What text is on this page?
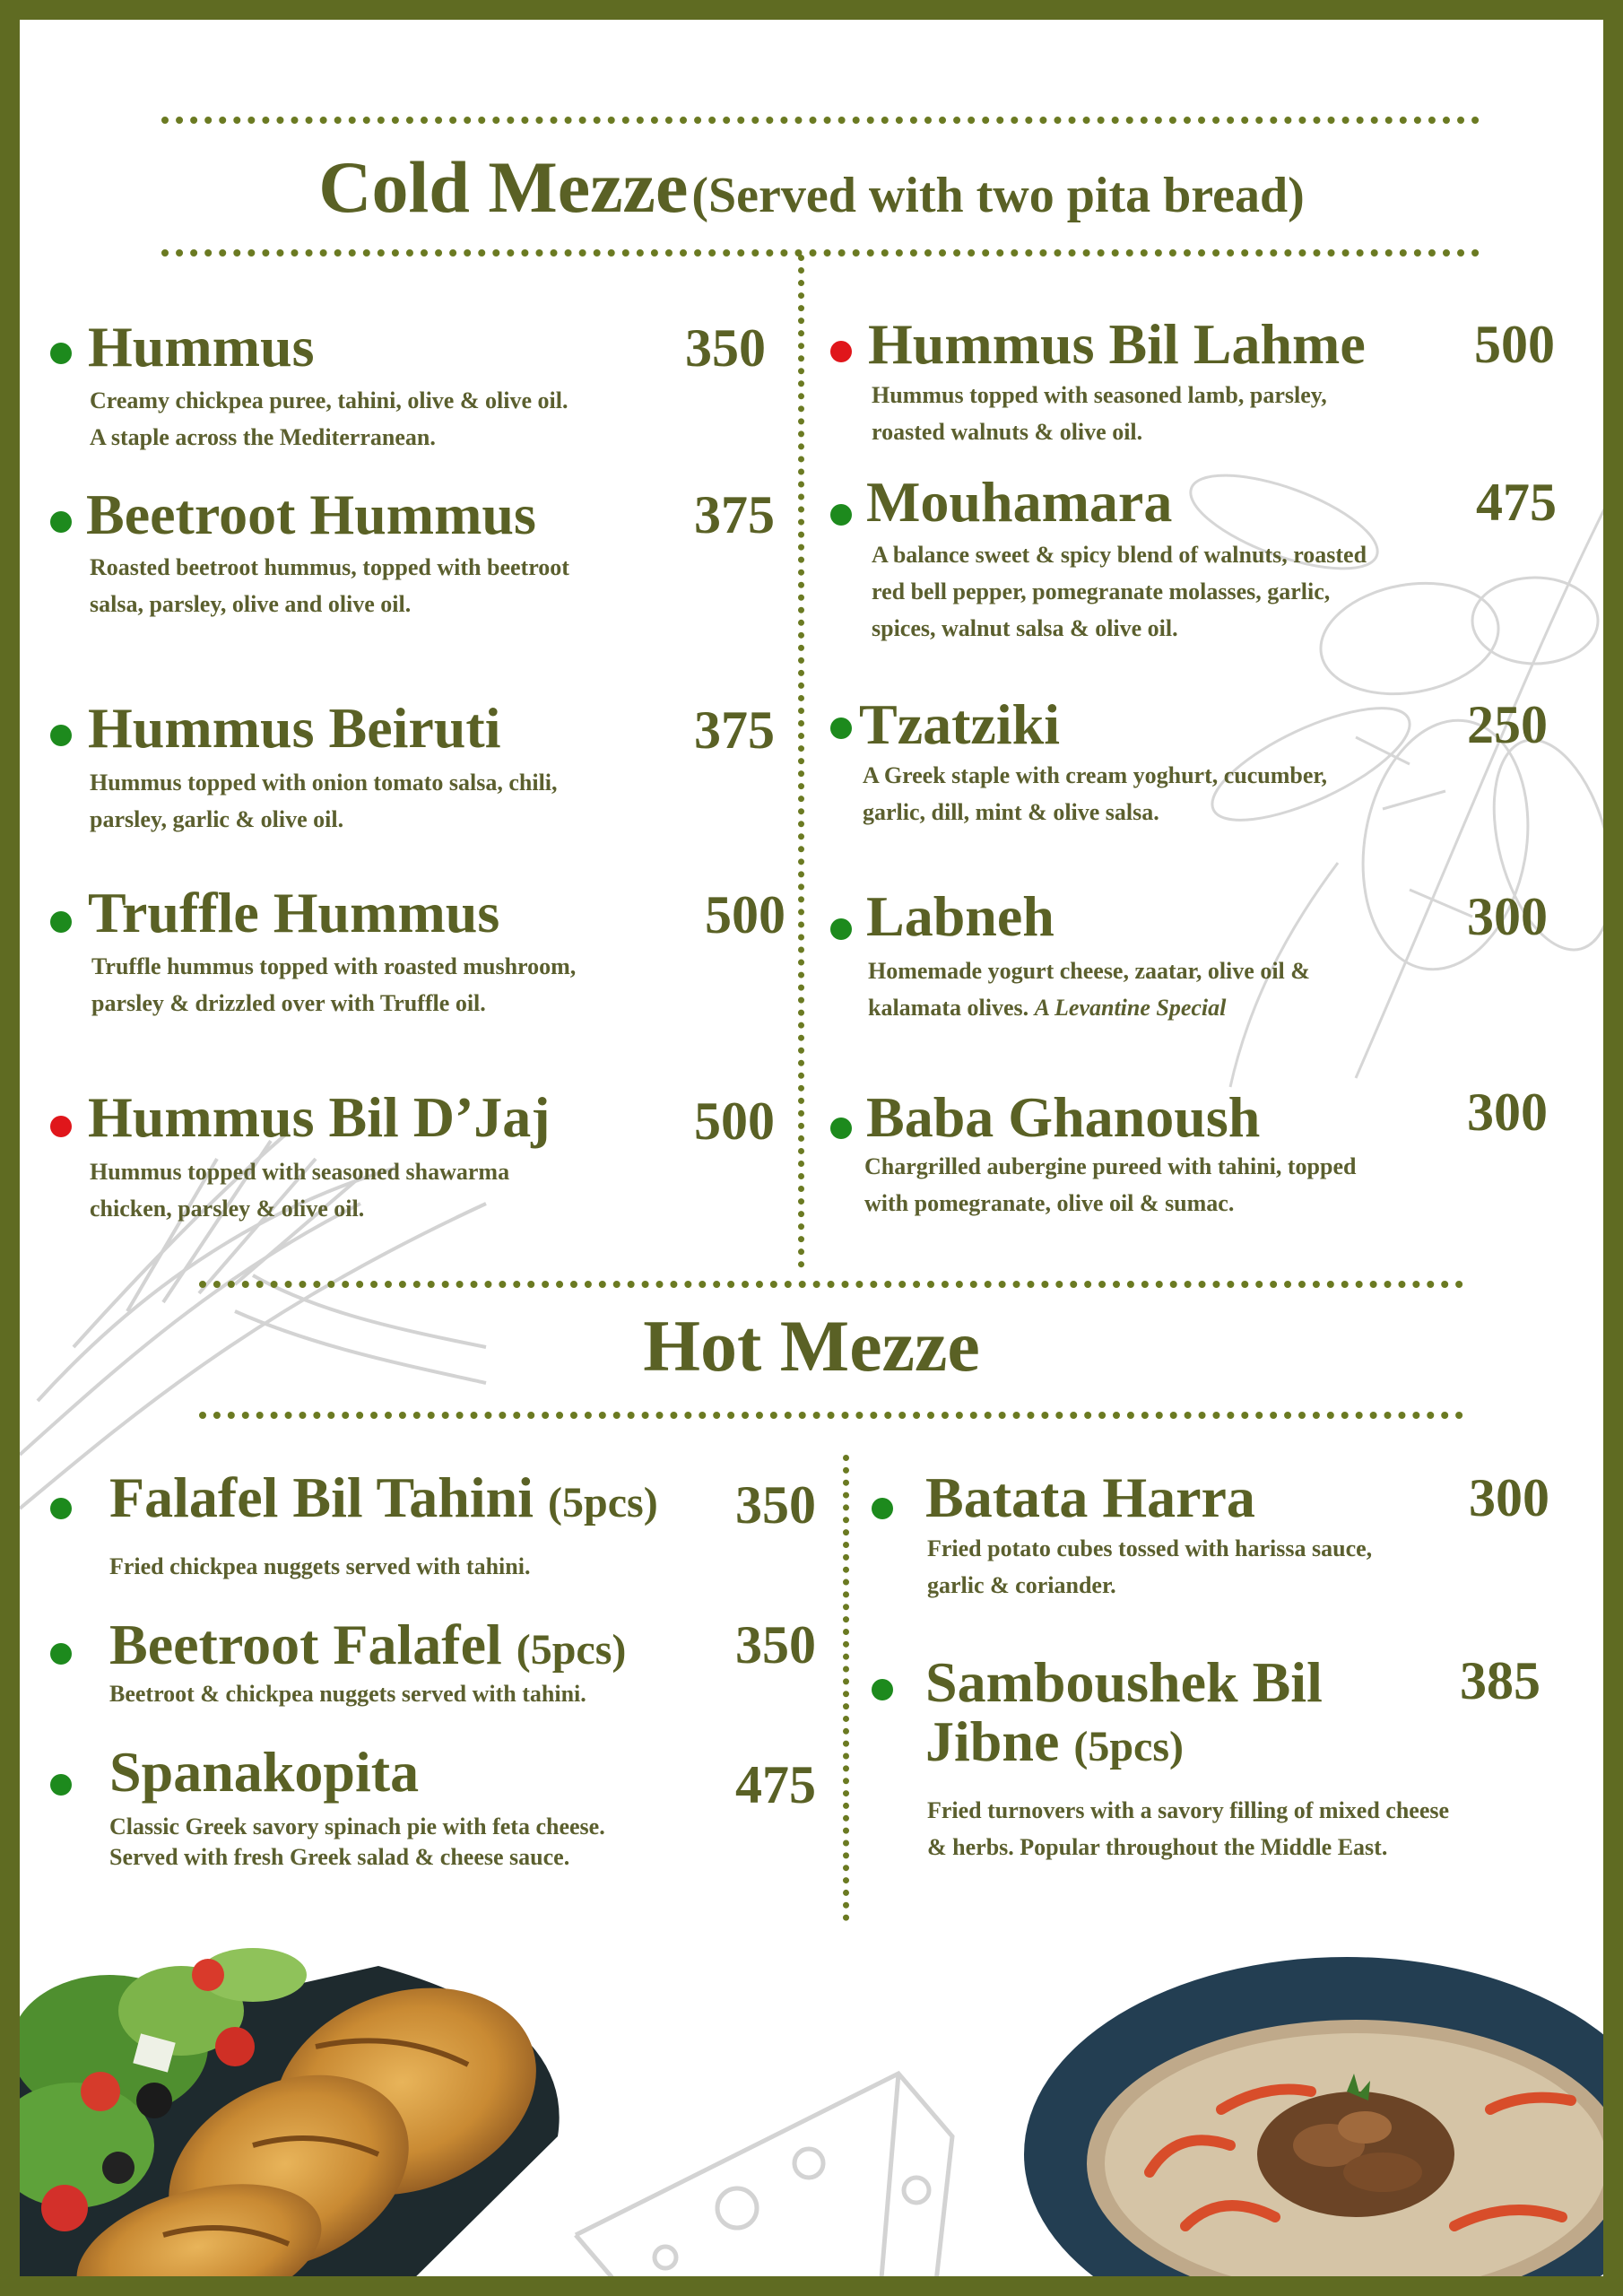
Cold Mezze (Served with two pita bread)
Hummus	350
Creamy chickpea puree, tahini, olive & olive oil.
A staple across the Mediterranean.
Beetroot Hummus	375
Roasted beetroot hummus, topped with beetroot
salsa, parsley, olive and olive oil.
Hummus Beiruti	375
Hummus topped with onion tomato salsa, chili,
parsley, garlic & olive oil.
Truffle Hummus	500
Truffle hummus topped with roasted mushroom,
parsley & drizzled over with Truffle oil.
Hummus Bil D’Jaj	500
Hummus topped with seasoned shawarma
chicken, parsley & olive oil.
Hummus Bil Lahme 500
Hummus topped with seasoned lamb, parsley,
roasted walnuts & olive oil.
Mouhamara	475
A balance sweet & spicy blend of walnuts, roasted
red bell pepper, pomegranate molasses, garlic,
spices, walnut salsa & olive oil.
Tzatziki	250
A Greek staple with cream yoghurt, cucumber,
garlic, dill, mint & olive salsa.
Labneh	300
Homemade yogurt cheese, zaatar, olive oil &
kalamata olives. A Levantine Special
Baba Ghanoush	300
Chargrilled aubergine pureed with tahini, topped
with pomegranate, olive oil & sumac.
Hot Mezze
Falafel Bil Tahini (5pcs) 350
Fried chickpea nuggets served with tahini.
Beetroot Falafel (5pcs) 350
Beetroot & chickpea nuggets served with tahini.
Spanakopita	475
Classic Greek savory spinach pie with feta cheese.
Served with fresh Greek salad & cheese sauce.
Batata Harra	300
Fried potato cubes tossed with harissa sauce,
garlic & coriander.
Samboushek Bil
Jibne (5pcs)
385
Fried turnovers with a savory filling of mixed cheese
& herbs. Popular throughout the Middle East.
